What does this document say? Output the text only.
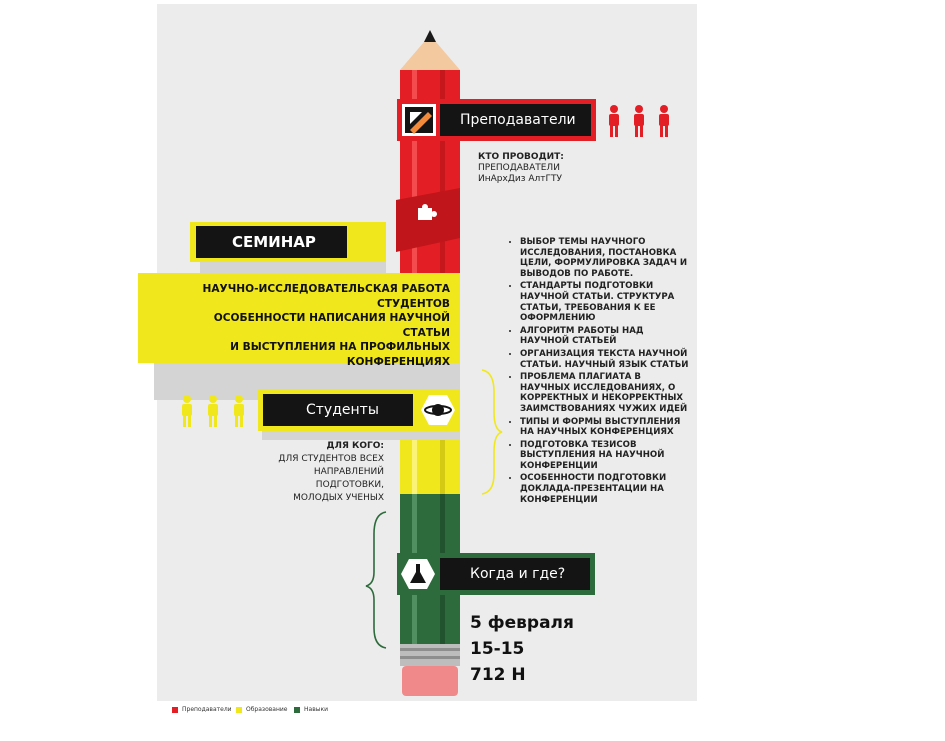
Преподаватели
КТО ПРОВОДИТ:
ПРЕПОДАВАТЕЛИ
ИнАрхДиз АлтГТУ
СЕМИНАР
НАУЧНО-ИССЛЕДОВАТЕЛЬСКАЯ РАБОТА
СТУДЕНТОВ
ОСОБЕННОСТИ НАПИСАНИЯ НАУЧНОЙ СТАТЬИ
И ВЫСТУПЛЕНИЯ НА ПРОФИЛЬНЫХ
КОНФЕРЕНЦИЯХ
Студенты
ДЛЯ КОГО:
ДЛЯ СТУДЕНТОВ ВСЕХ
НАПРАВЛЕНИЙ
ПОДГОТОВКИ,
МОЛОДЫХ УЧЕНЫХ
• ВЫБОР ТЕМЫ НАУЧНОГО ИССЛЕДОВАНИЯ, ПОСТАНОВКА ЦЕЛИ, ФОРМУЛИРОВКА ЗАДАЧ И ВЫВОДОВ ПО РАБОТЕ.
• СТАНДАРТЫ ПОДГОТОВКИ НАУЧНОЙ СТАТЬИ. СТРУКТУРА СТАТЬИ, ТРЕБОВАНИЯ К ЕЕ ОФОРМЛЕНИЮ
• АЛГОРИТМ РАБОТЫ НАД НАУЧНОЙ СТАТЬЕЙ
• ОРГАНИЗАЦИЯ ТЕКСТА НАУЧНОЙ СТАТЬИ. НАУЧНЫЙ ЯЗЫК СТАТЬИ
• ПРОБЛЕМА ПЛАГИАТА В НАУЧНЫХ ИССЛЕДОВАНИЯХ, О КОРРЕКТНЫХ И НЕКОРРЕКТНЫХ ЗАИМСТВОВАНИЯХ ЧУЖИХ ИДЕЙ
• ТИПЫ И ФОРМЫ ВЫСТУПЛЕНИЯ НА НАУЧНЫХ КОНФЕРЕНЦИЯХ
• ПОДГОТОВКА ТЕЗИСОВ ВЫСТУПЛЕНИЯ НА НАУЧНОЙ КОНФЕРЕНЦИИ
• ОСОБЕННОСТИ ПОДГОТОВКИ ДОКЛАДА-ПРЕЗЕНТАЦИИ НА КОНФЕРЕНЦИИ
Когда и где?
5 февраля
15-15
712 Н
Преподаватели Образование	Навыки
